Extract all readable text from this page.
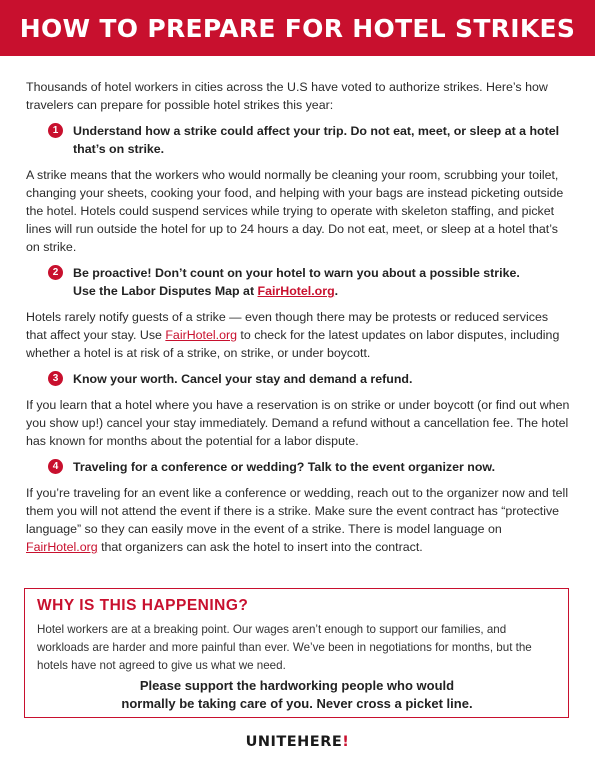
HOW TO PREPARE FOR HOTEL STRIKES

Thousands of hotel workers in cities across the U.S have voted to authorize strikes. Here’s how travelers can prepare for possible hotel strikes this year:

1	Understand how a strike could affect your trip. Do not eat, meet, or sleep at a hotel
that’s on strike.

A strike means that the workers who would normally be cleaning your room, scrubbing your toilet, changing your sheets, cooking your food, and helping with your bags are instead picketing outside the hotel. Hotels could suspend services while trying to operate with skeleton staffing, and picket lines will run outside the hotel for up to 24 hours a day. Do not eat, meet, or sleep at a hotel that’s on strike.

2	Be proactive! Don’t count on your hotel to warn you about a possible strike.
Use the Labor Disputes Map at FairHotel.org.

Hotels rarely notify guests of a strike — even though there may be protests or reduced services that affect your stay. Use FairHotel.org to check for the latest updates on labor disputes, including whether a hotel is at risk of a strike, on strike, or under boycott.

3	Know your worth. Cancel your stay and demand a refund.

If you learn that a hotel where you have a reservation is on strike or under boycott (or find out when you show up!) cancel your stay immediately. Demand a refund without a cancellation fee. The hotel has known for months about the potential for a labor dispute.

4	Traveling for a conference or wedding? Talk to the event organizer now.

If you’re traveling for an event like a conference or wedding, reach out to the organizer now and tell them you will not attend the event if there is a strike. Make sure the event contract has “protective language” so they can easily move in the event of a strike. There is model language on FairHotel.org that organizers can ask the hotel to insert into the contract.

WHY IS THIS HAPPENING?
Hotel workers are at a breaking point. Our wages aren’t enough to support our families, and workloads are harder and more painful than ever. We’ve been in negotiations for months, but the hotels have not agreed to give us what we need.
Please support the hardworking people who would
normally be taking care of you. Never cross a picket line.
UNITEHERE!
